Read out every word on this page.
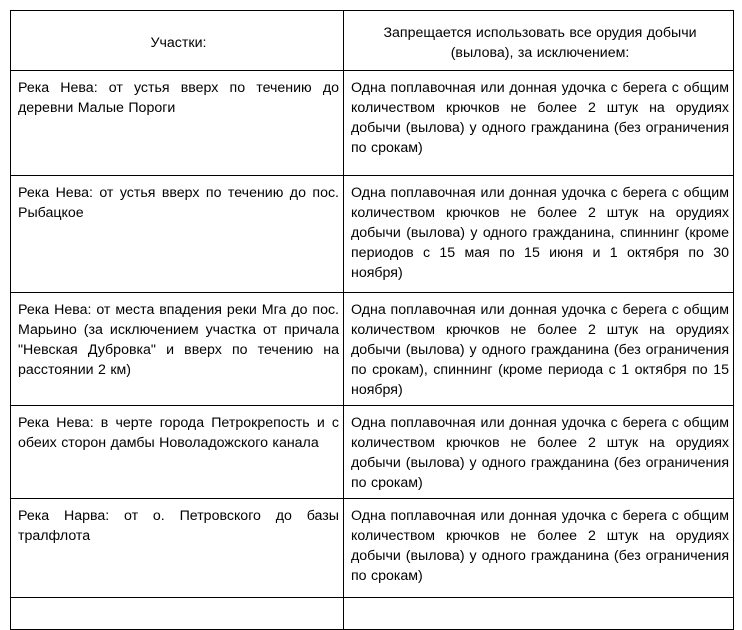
Участки:	Запрещается использовать все орудия добычи (вылова), за исключением:
Река Нева: от устья вверх по течению до деревни Малые Пороги	Одна поплавочная или донная удочка с берега с общим количеством крючков не более 2 штук на орудиях добычи (вылова) у одного гражданина (без ограничения по срокам)
Река Нева: от устья вверх по течению до пос. Рыбацкое	Одна поплавочная или донная удочка с берега с общим количеством крючков не более 2 штук на орудиях добычи (вылова) у одного гражданина, спиннинг (кроме периодов с 15 мая по 15 июня и 1 октября по 30 ноября)
Река Нева: от места впадения реки Мга до пос. Марьино (за исключением участка от причала "Невская Дубровка" и вверх по течению на расстоянии 2 км)	Одна поплавочная или донная удочка с берега с общим количеством крючков не более 2 штук на орудиях добычи (вылова) у одного гражданина (без ограничения по срокам), спиннинг (кроме периода с 1 октября по 15 ноября)
Река Нева: в черте города Петрокрепость и с обеих сторон дамбы Новоладожского канала	Одна поплавочная или донная удочка с берега с общим количеством крючков не более 2 штук на орудиях добычи (вылова) у одного гражданина (без ограничения по срокам)
Река Нарва: от о. Петровского до базы тралфлота	Одна поплавочная или донная удочка с берега с общим количеством крючков не более 2 штук на орудиях добычи (вылова) у одного гражданина (без ограничения по срокам)
